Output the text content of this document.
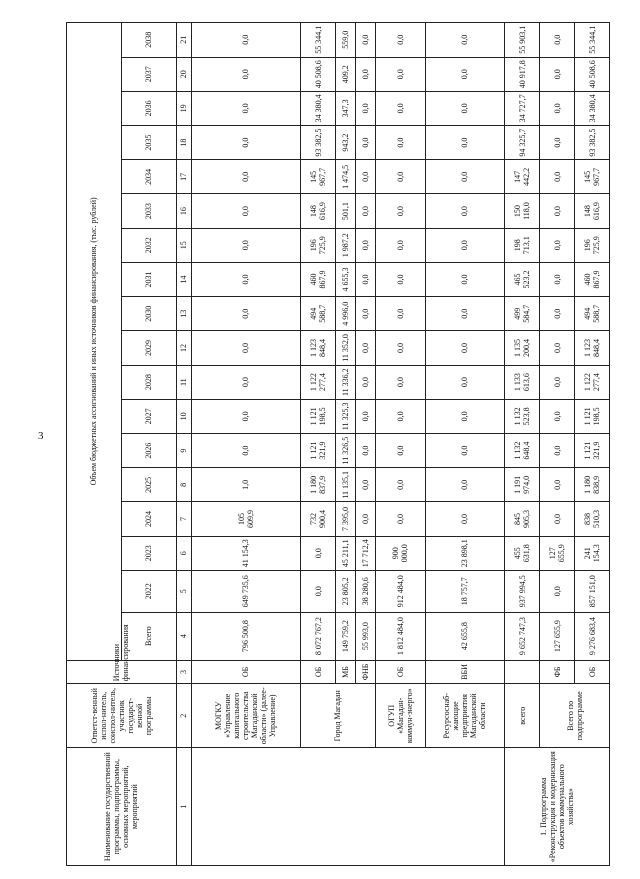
3
Наименование государственной программы, подпрограммы, основных мероприятий, мероприятий	Ответст-венный испол-нитель, соиспол-нитель, участник государст-венной программы	Источники финансирования	Объем бюджетных ассигнований и иных источников финансирования, (тыс. рублей)																	
			Всего	2022	2023	2024	2025	2026	2027	2028	2029	2030	2031	2032	2033	2034	2035	2036	2037	2038
1	2	3	4	5	6	7	8	9	10	11	12	13	14	15	16	17	18	19	20	21
	МОГКУ «Управление капитального строительства Магаданской области» (далее- Управление)	ОБ	796 500,8	649 735,6	41 154,3	105 609,9	1,0	0,0	0,0	0,0	0,0	0,0	0,0	0,0	0,0	0,0	0,0	0,0	0,0	0,0
	Город Магадан	ОБ	8 072 767,2	0,0	0,0	732 900,4	1 180 837,9	1 121 321,9	1 121 198,5	1 122 277,4	1 123 848,4	494 588,7	460 867,9	196 725,9	148 616,9	145 967,7	93 382,5	34 380,4	40 508,6	55 344,1
		МБ	149 759,2	23 805,2	45 211,1	7 395,0	11 135,1	11 326,5	11 325,3	11 336,2	11 352,0	4 996,0	4 655,3	1 987,2	501,1	1 474,5	943,2	347,3	409,2	559,0
		ФНБ	55 993,0	38 280,6	17 712,4	0,0	0,0	0,0	0,0	0,0	0,0	0,0	0,0	0,0	0,0	0,0	0,0	0,0	0,0	0,0
	ОГУП «Магадан-коммун-энерго»	ОБ	1 812 484,0	912 484,0	900 000,0	0,0	0,0	0,0	0,0	0,0	0,0	0,0	0,0	0,0	0,0	0,0	0,0	0,0	0,0	0,0
	Ресурсоснаб-жающие предприятия Магаданской области	ВБИ	42 655,8	18 757,7	23 898,1	0,0	0,0	0,0	0,0	0,0	0,0	0,0	0,0	0,0	0,0	0,0	0,0	0,0	0,0	0,0
1. Подпрограмма «Реконструкция и модернизация объектов коммунального хозяйства»	всего		9 652 747,3	937 994,5	455 631,8	845 905,3	1 191 974,0	1 132 648,4	1 132 523,8	1 133 613,6	1 135 200,4	499 584,7	465 523,2	198 713,1	150 118,0	147 442,2	94 325,7	34 727,7	40 917,8	55 903,1
	Всего по подпрограмме	ФБ	127 655,9	0,0	127 655,9	0,0	0,0	0,0	0,0	0,0	0,0	0,0	0,0	0,0	0,0	0,0	0,0	0,0	0,0	0,0
		ОБ	9 276 683,4	857 151,0	241 154,3	838 510,3	1 180 838,9	1 121 321,9	1 121 198,5	1 122 277,4	1 123 848,4	494 588,7	460 867,9	196 725,9	148 616,9	145 967,7	93 382,5	34 380,4	40 508,6	55 344,1
